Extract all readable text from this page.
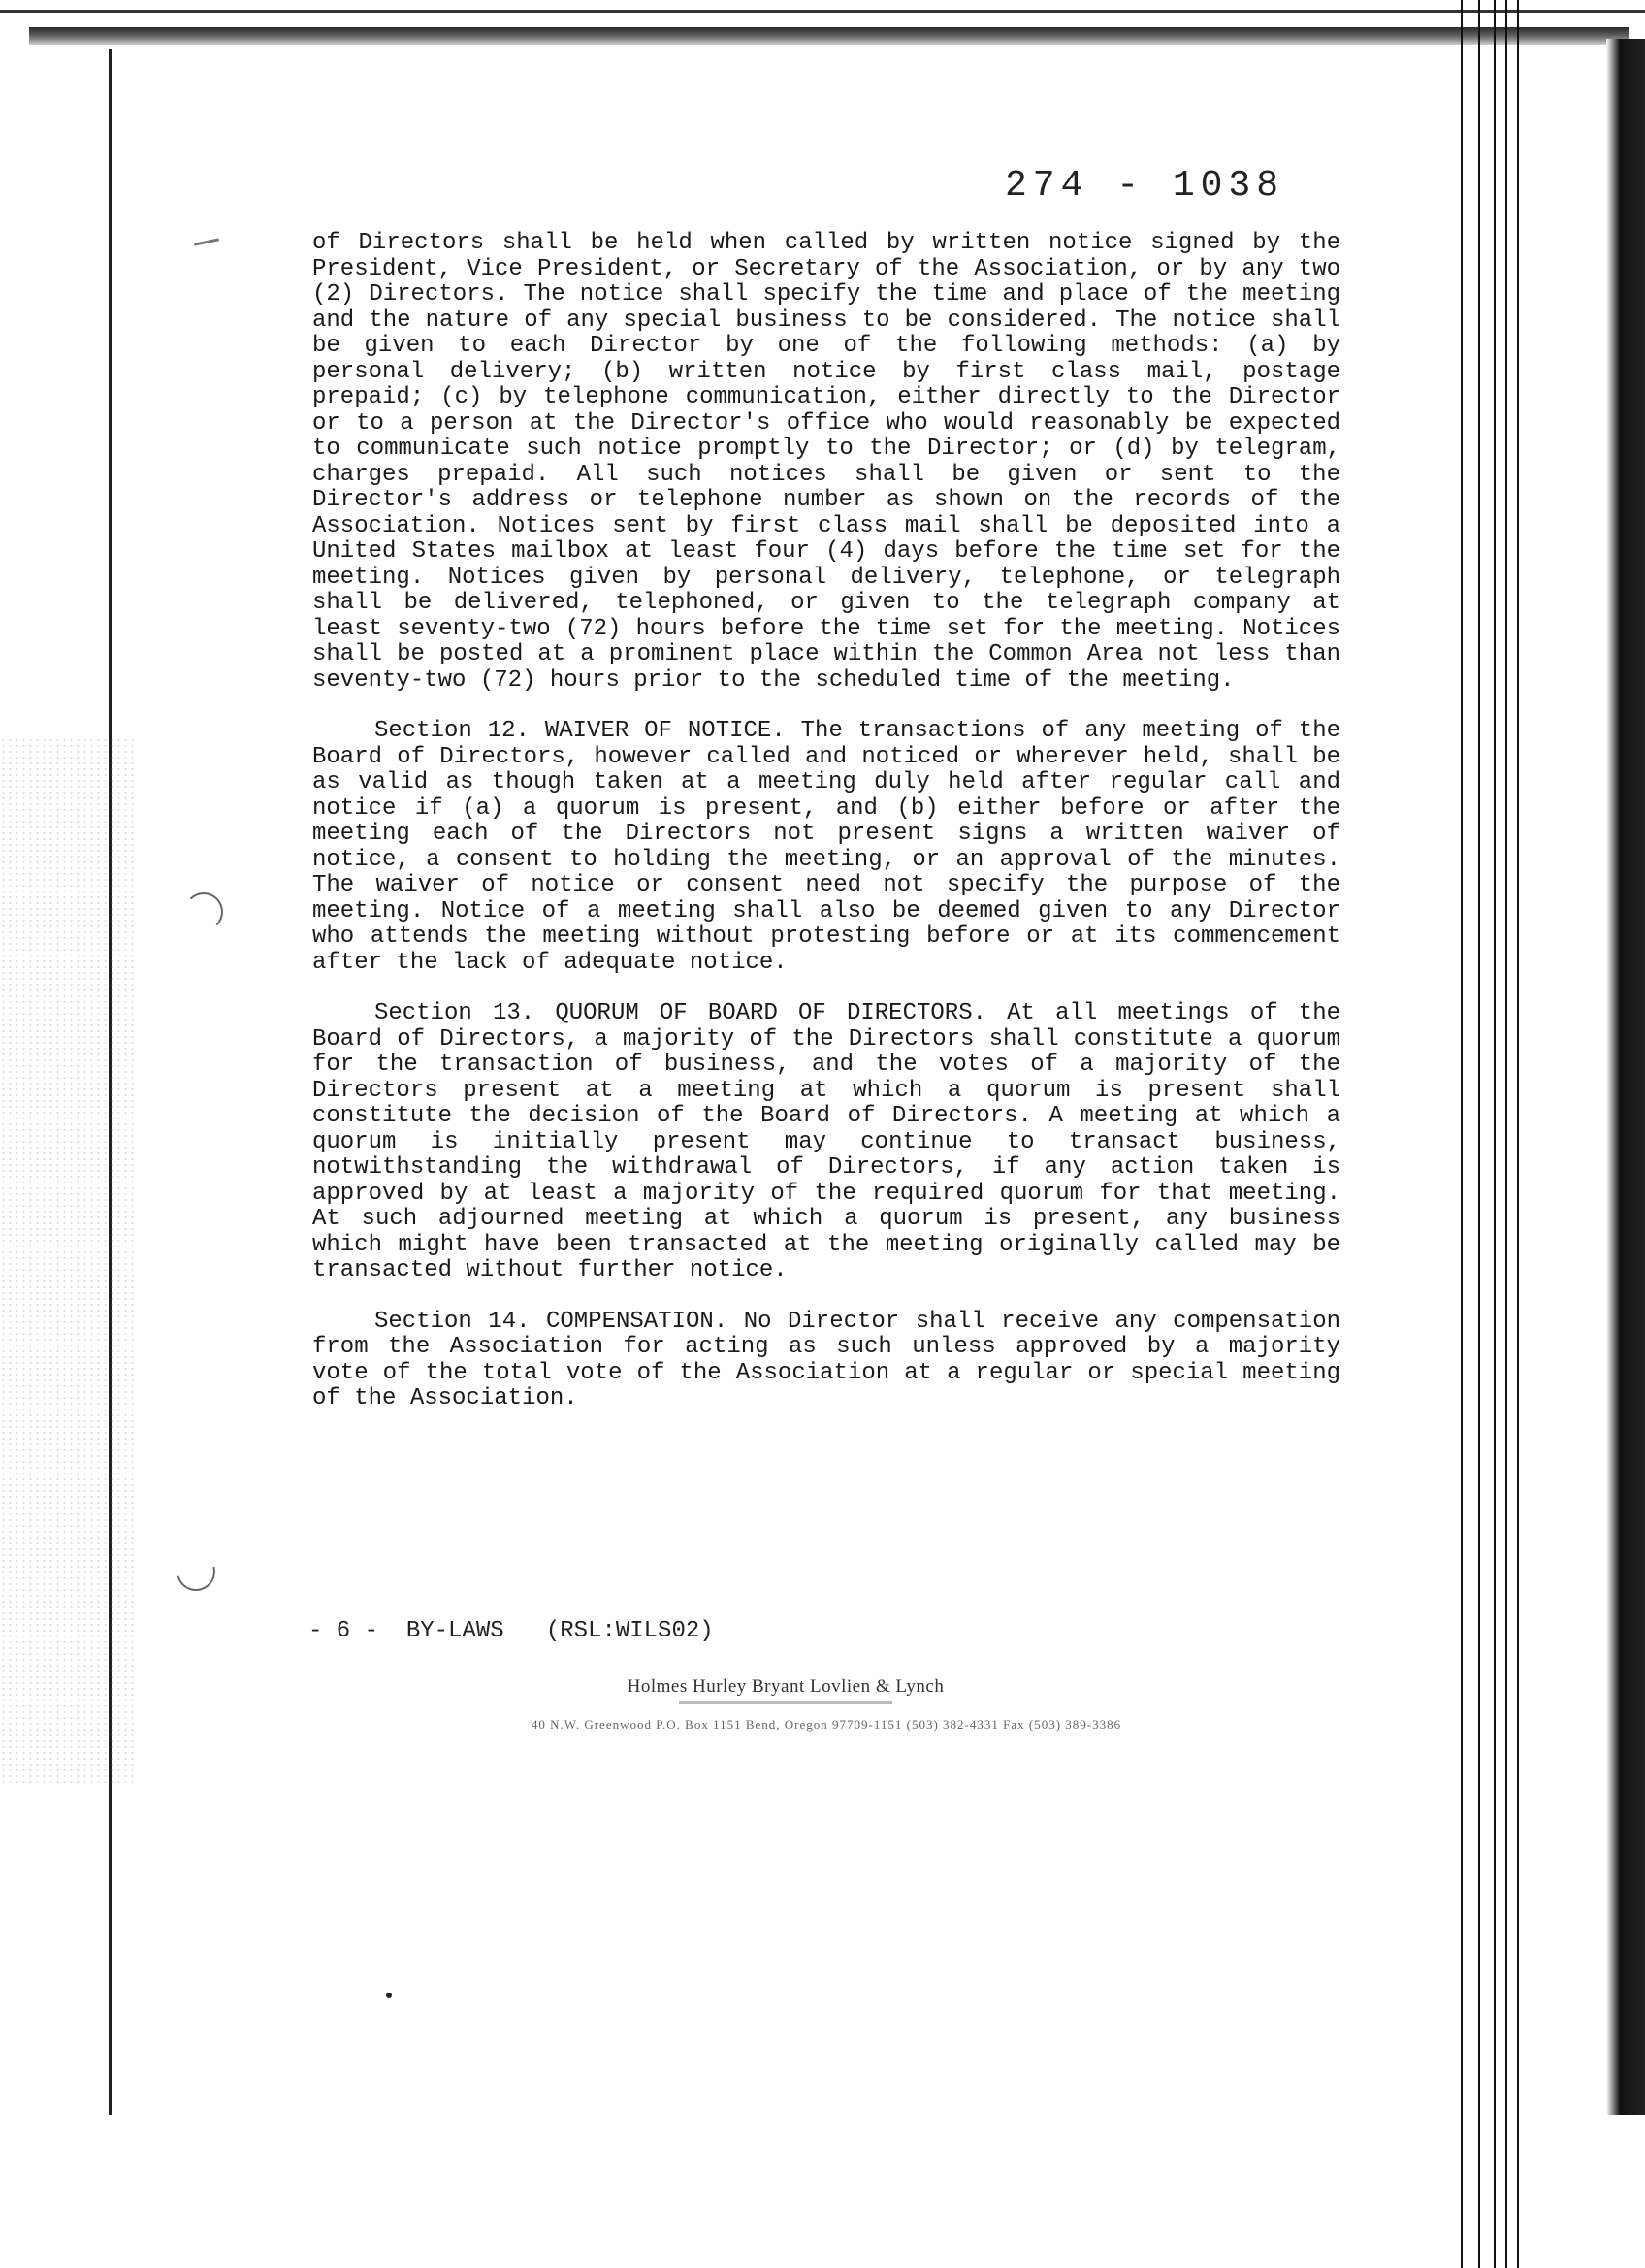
274 - 1038

of Directors shall be held when called by written notice signed by the President, Vice President, or Secretary of the Association, or by any two (2) Directors. The notice shall specify the time and place of the meeting and the nature of any special business to be considered. The notice shall be given to each Director by one of the following methods: (a) by personal delivery; (b) written notice by first class mail, postage prepaid; (c) by telephone communication, either directly to the Director or to a person at the Director's office who would reasonably be expected to communicate such notice promptly to the Director; or (d) by telegram, charges prepaid. All such notices shall be given or sent to the Director's address or telephone number as shown on the records of the Association. Notices sent by first class mail shall be deposited into a United States mailbox at least four (4) days before the time set for the meeting. Notices given by personal delivery, telephone, or telegraph shall be delivered, telephoned, or given to the telegraph company at least seventy-two (72) hours before the time set for the meeting. Notices shall be posted at a prominent place within the Common Area not less than seventy-two (72) hours prior to the scheduled time of the meeting.

Section 12. WAIVER OF NOTICE. The transactions of any meeting of the Board of Directors, however called and noticed or wherever held, shall be as valid as though taken at a meeting duly held after regular call and notice if (a) a quorum is present, and (b) either before or after the meeting each of the Directors not present signs a written waiver of notice, a consent to holding the meeting, or an approval of the minutes. The waiver of notice or consent need not specify the purpose of the meeting. Notice of a meeting shall also be deemed given to any Director who attends the meeting without protesting before or at its commencement after the lack of adequate notice.

Section 13. QUORUM OF BOARD OF DIRECTORS. At all meetings of the Board of Directors, a majority of the Directors shall constitute a quorum for the transaction of business, and the votes of a majority of the Directors present at a meeting at which a quorum is present shall constitute the decision of the Board of Directors. A meeting at which a quorum is initially present may continue to transact business, notwithstanding the withdrawal of Directors, if any action taken is approved by at least a majority of the required quorum for that meeting. At such adjourned meeting at which a quorum is present, any business which might have been transacted at the meeting originally called may be transacted without further notice.

Section 14. COMPENSATION. No Director shall receive any compensation from the Association for acting as such unless approved by a majority vote of the total vote of the Association at a regular or special meeting of the Association.

- 6 -  BY-LAWS   (RSL:WILS02)
Holmes Hurley Bryant Lovlien & Lynch
40 N.W. Greenwood P.O. Box 1151 Bend, Oregon 97709-1151 (503) 382-4331 Fax (503) 389-3386
